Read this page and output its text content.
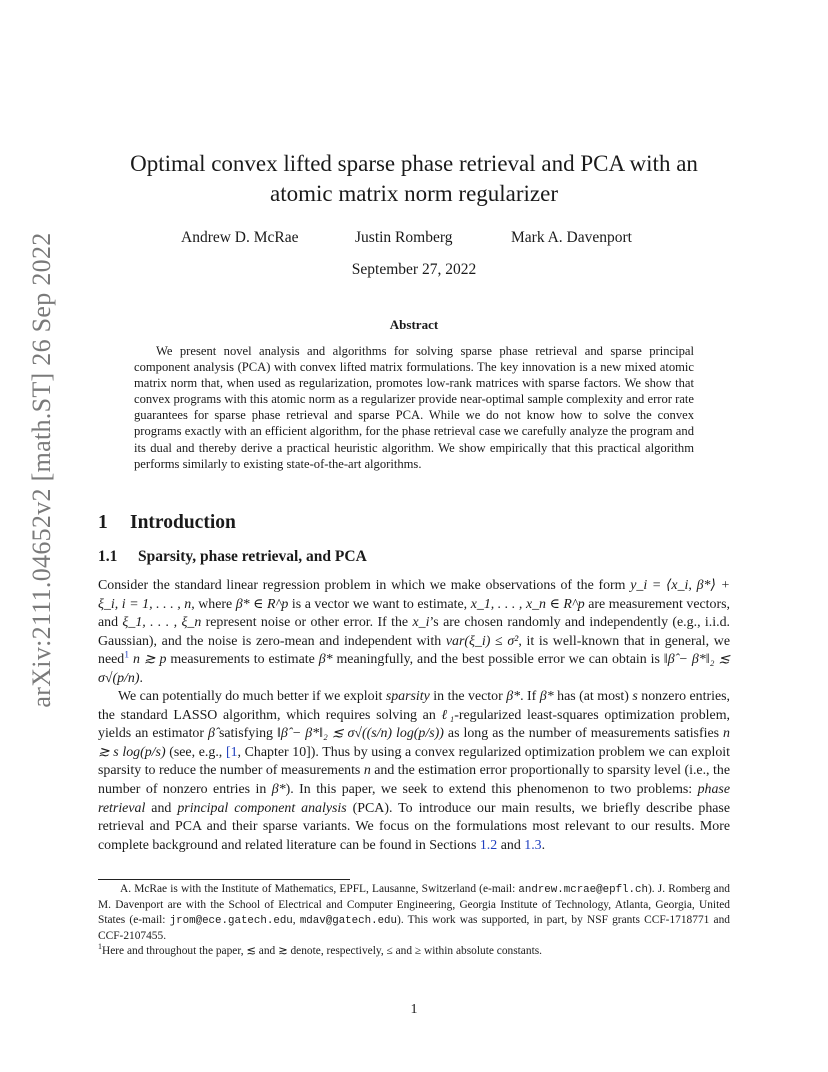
arXiv:2111.04652v2 [math.ST] 26 Sep 2022
Optimal convex lifted sparse phase retrieval and PCA with an
atomic matrix norm regularizer
Andrew D. McRae	Justin Romberg	Mark A. Davenport
September 27, 2022
Abstract
We present novel analysis and algorithms for solving sparse phase retrieval and sparse principal component analysis (PCA) with convex lifted matrix formulations. The key innovation is a new mixed atomic matrix norm that, when used as regularization, promotes low-rank matrices with sparse factors. We show that convex programs with this atomic norm as a regularizer provide near-optimal sample complexity and error rate guarantees for sparse phase retrieval and sparse PCA. While we do not know how to solve the convex programs exactly with an efficient algorithm, for the phase retrieval case we carefully analyze the program and its dual and thereby derive a practical heuristic algorithm. We show empirically that this practical algorithm performs similarly to existing state-of-the-art algorithms.
1 Introduction
1.1 Sparsity, phase retrieval, and PCA

Consider the standard linear regression problem in which we make observations of the form y_i = ⟨x_i, β*⟩ + ξ_i, i = 1, . . . , n, where β* ∈ R^p is a vector we want to estimate, x_1, . . . , x_n ∈ R^p are measurement vectors, and ξ_1, . . . , ξ_n represent noise or other error. If the x_i’s are chosen randomly and independently (e.g., i.i.d. Gaussian), and the noise is zero-mean and independent with var(ξ_i) ≤ σ², it is well-known that in general, we need$^1$ n ≳ p measurements to estimate β* meaningfully, and the best possible error we can obtain is ‖β̂ − β*‖₂ ≲ σ√(p/n).

We can potentially do much better if we exploit sparsity in the vector β*. If β* has (at most) s nonzero entries, the standard LASSO algorithm, which requires solving an ℓ₁-regularized least-squares optimization problem, yields an estimator β̂ satisfying ‖β̂ − β*‖₂ ≲ σ√((s/n) log(p/s)) as long as the number of measurements satisfies n ≳ s log(p/s) (see, e.g., [1, Chapter 10]). Thus by using a convex regularized optimization problem we can exploit sparsity to reduce the number of measurements n and the estimation error proportionally to sparsity level (i.e., the number of nonzero entries in β*). In this paper, we seek to extend this phenomenon to two problems: phase retrieval and principal component analysis (PCA). To introduce our main results, we briefly describe phase retrieval and PCA and their sparse variants. We focus on the formulations most relevant to our results. More complete background and related literature can be found in Sections 1.2 and 1.3.

A. McRae is with the Institute of Mathematics, EPFL, Lausanne, Switzerland (e-mail: andrew.mcrae@epfl.ch). J. Romberg and M. Davenport are with the School of Electrical and Computer Engineering, Georgia Institute of Technology, Atlanta, Georgia, United States (e-mail: jrom@ece.gatech.edu, mdav@gatech.edu). This work was supported, in part, by NSF grants CCF-1718771 and CCF-2107455.

$^1$Here and throughout the paper, ≲ and ≳ denote, respectively, ≤ and ≥ within absolute constants.

1
